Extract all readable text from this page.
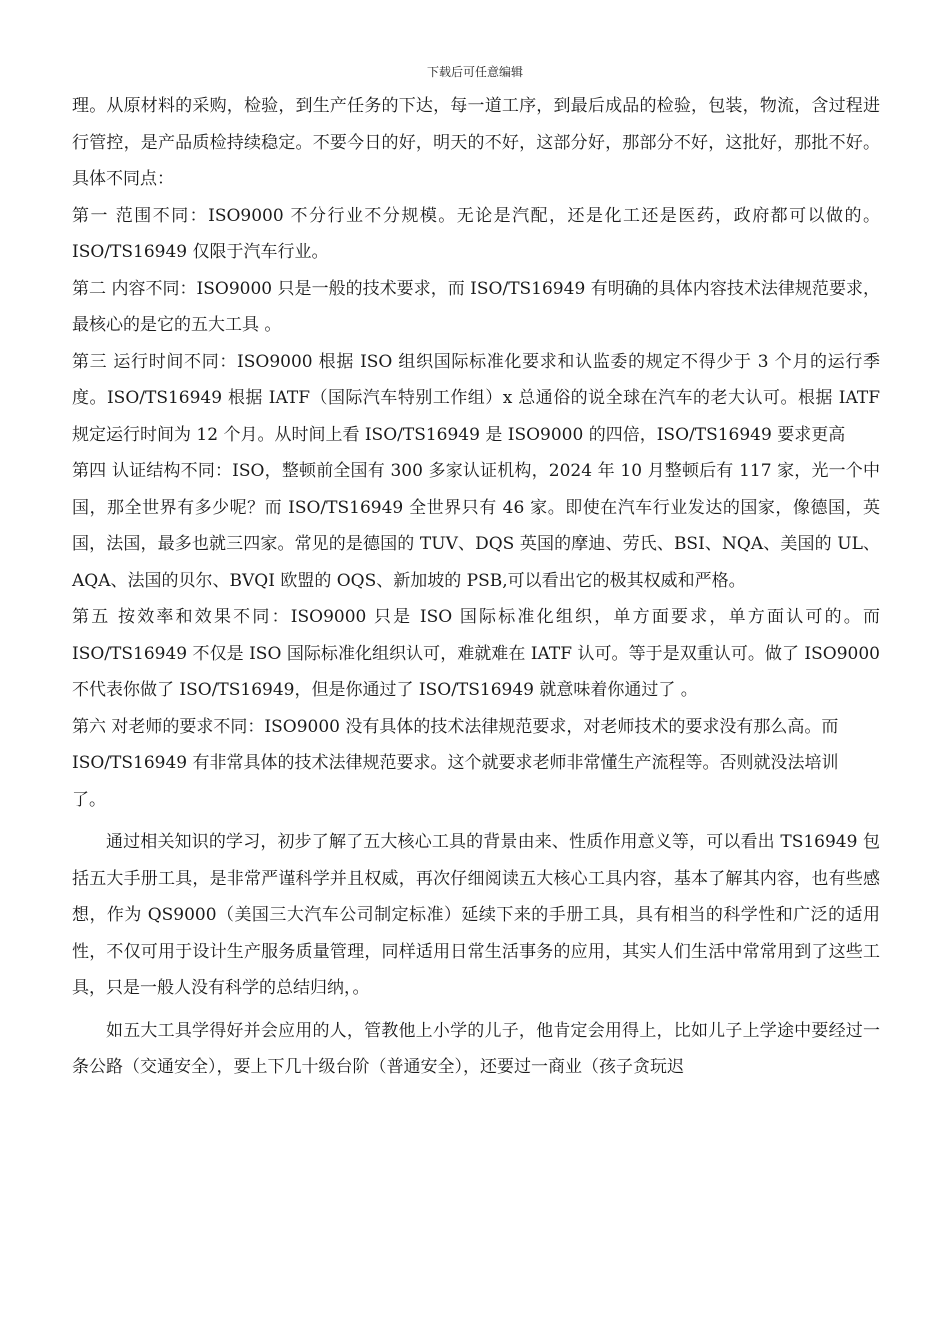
下载后可任意编辑

理。从原材料的采购，检验，到生产任务的下达，每一道工序，到最后成品的检验，包装，物流，含过程进行管控，是产品质检持续稳定。不要今日的好，明天的不好，这部分好，那部分不好，这批好，那批不好。具体不同点：

第一 范围不同：ISO9000 不分行业不分规模。无论是汽配，还是化工还是医药，政府都可以做的。ISO/TS16949 仅限于汽车行业。

第二 内容不同：ISO9000 只是一般的技术要求，而 ISO/TS16949 有明确的具体内容技术法律规范要求，最核心的是它的五大工具 。

第三 运行时间不同：ISO9000 根据 ISO 组织国际标准化要求和认监委的规定不得少于 3 个月的运行季度。ISO/TS16949 根据 IATF（国际汽车特别工作组）x 总通俗的说全球在汽车的老大认可。根据 IATF 规定运行时间为 12 个月。从时间上看 ISO/TS16949 是 ISO9000 的四倍，ISO/TS16949 要求更高

第四 认证结构不同：ISO，整顿前全国有 300 多家认证机构，2024 年 10 月整顿后有 117 家，光一个中国，那全世界有多少呢？而 ISO/TS16949 全世界只有 46 家。即使在汽车行业发达的国家，像德国，英国，法国，最多也就三四家。常见的是德国的 TUV、DQS 英国的摩迪、劳氏、BSI、NQA、美国的 UL、AQA、法国的贝尔、BVQI 欧盟的 OQS、新加坡的 PSB,可以看出它的极其权威和严格。

第五 按效率和效果不同：ISO9000 只是 ISO 国际标准化组织，单方面要求，单方面认可的。而 ISO/TS16949 不仅是 ISO 国际标准化组织认可，难就难在 IATF 认可。等于是双重认可。做了 ISO9000 不代表你做了 ISO/TS16949，但是你通过了 ISO/TS16949 就意味着你通过了 。

第六 对老师的要求不同：ISO9000 没有具体的技术法律规范要求，对老师技术的要求没有那么高。而

ISO/TS16949 有非常具体的技术法律规范要求。这个就要求老师非常懂生产流程等。否则就没法培训

了。

通过相关知识的学习，初步了解了五大核心工具的背景由来、性质作用意义等，可以看出 TS16949 包括五大手册工具，是非常严谨科学并且权威，再次仔细阅读五大核心工具内容，基本了解其内容，也有些感想，作为 QS9000（美国三大汽车公司制定标准）延续下来的手册工具，具有相当的科学性和广泛的适用性，不仅可用于设计生产服务质量管理，同样适用日常生活事务的应用，其实人们生活中常常用到了这些工具，只是一般人没有科学的总结归纳，。

如五大工具学得好并会应用的人，管教他上小学的儿子，他肯定会用得上，比如儿子上学途中要经过一条公路（交通安全），要上下几十级台阶（普通安全），还要过一商业（孩子贪玩迟
